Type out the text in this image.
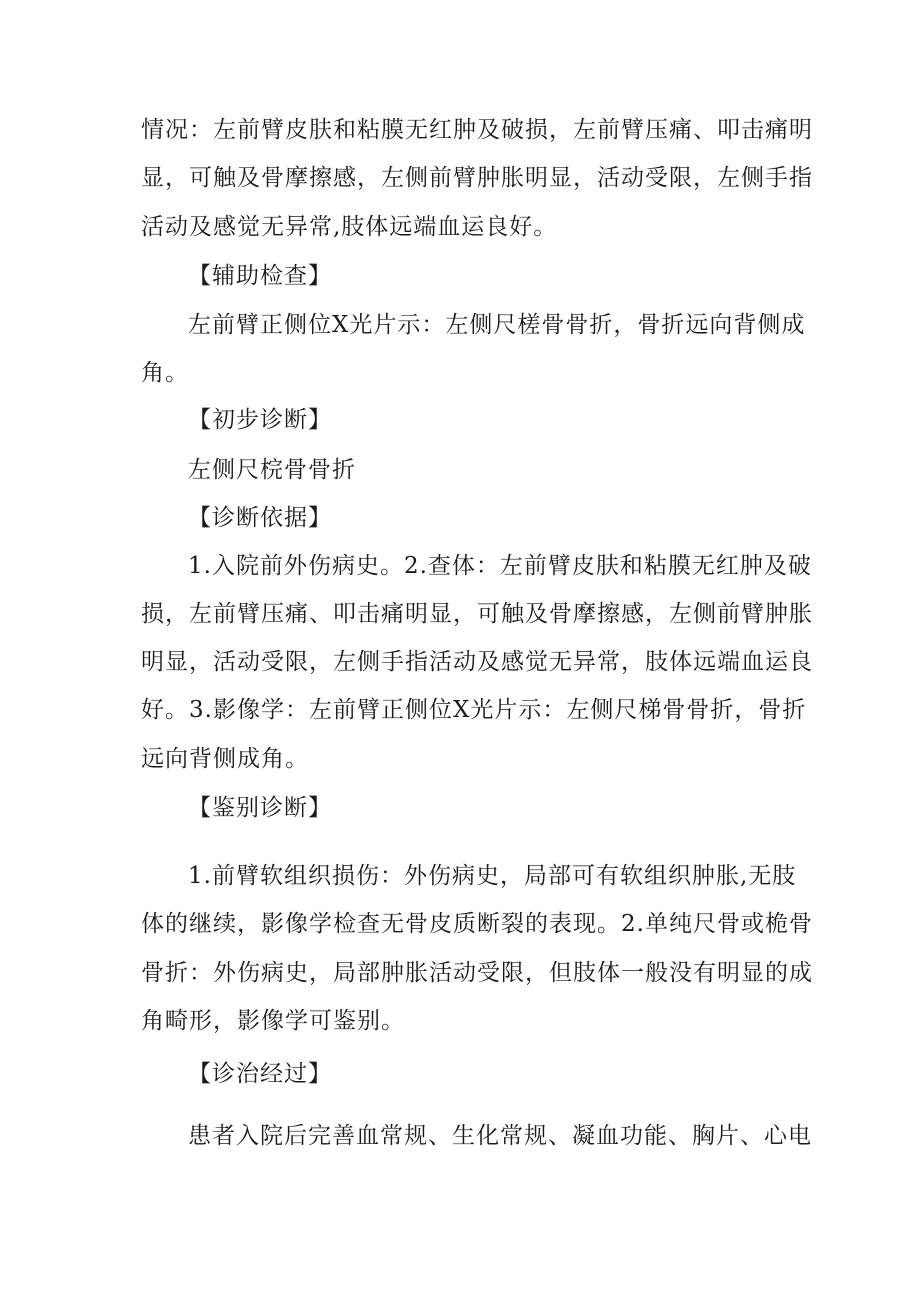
情况：左前臂皮肤和粘膜无红肿及破损，左前臂压痛、叩击痛明

显，可触及骨摩擦感，左侧前臂肿胀明显，活动受限，左侧手指

活动及感觉无异常,肢体远端血运良好。

【辅助检查】

左前臂正侧位X光片示：左侧尺槎骨骨折，骨折远向背侧成

角。

【初步诊断】

左侧尺梡骨骨折

【诊断依据】

1.入院前外伤病史。2.查体：左前臂皮肤和粘膜无红肿及破

损，左前臂压痛、叩击痛明显，可触及骨摩擦感，左侧前臂肿胀

明显，活动受限，左侧手指活动及感觉无异常，肢体远端血运良

好。3.影像学：左前臂正侧位X光片示：左侧尺梯骨骨折，骨折

远向背侧成角。

【鉴别诊断】

1.前臂软组织损伤：外伤病史，局部可有软组织肿胀,无肢

体的继续，影像学检查无骨皮质断裂的表现。2.单纯尺骨或桅骨

骨折：外伤病史，局部肿胀活动受限，但肢体一般没有明显的成

角畸形，影像学可鉴别。

【诊治经过】

患者入院后完善血常规、生化常规、凝血功能、胸片、心电
